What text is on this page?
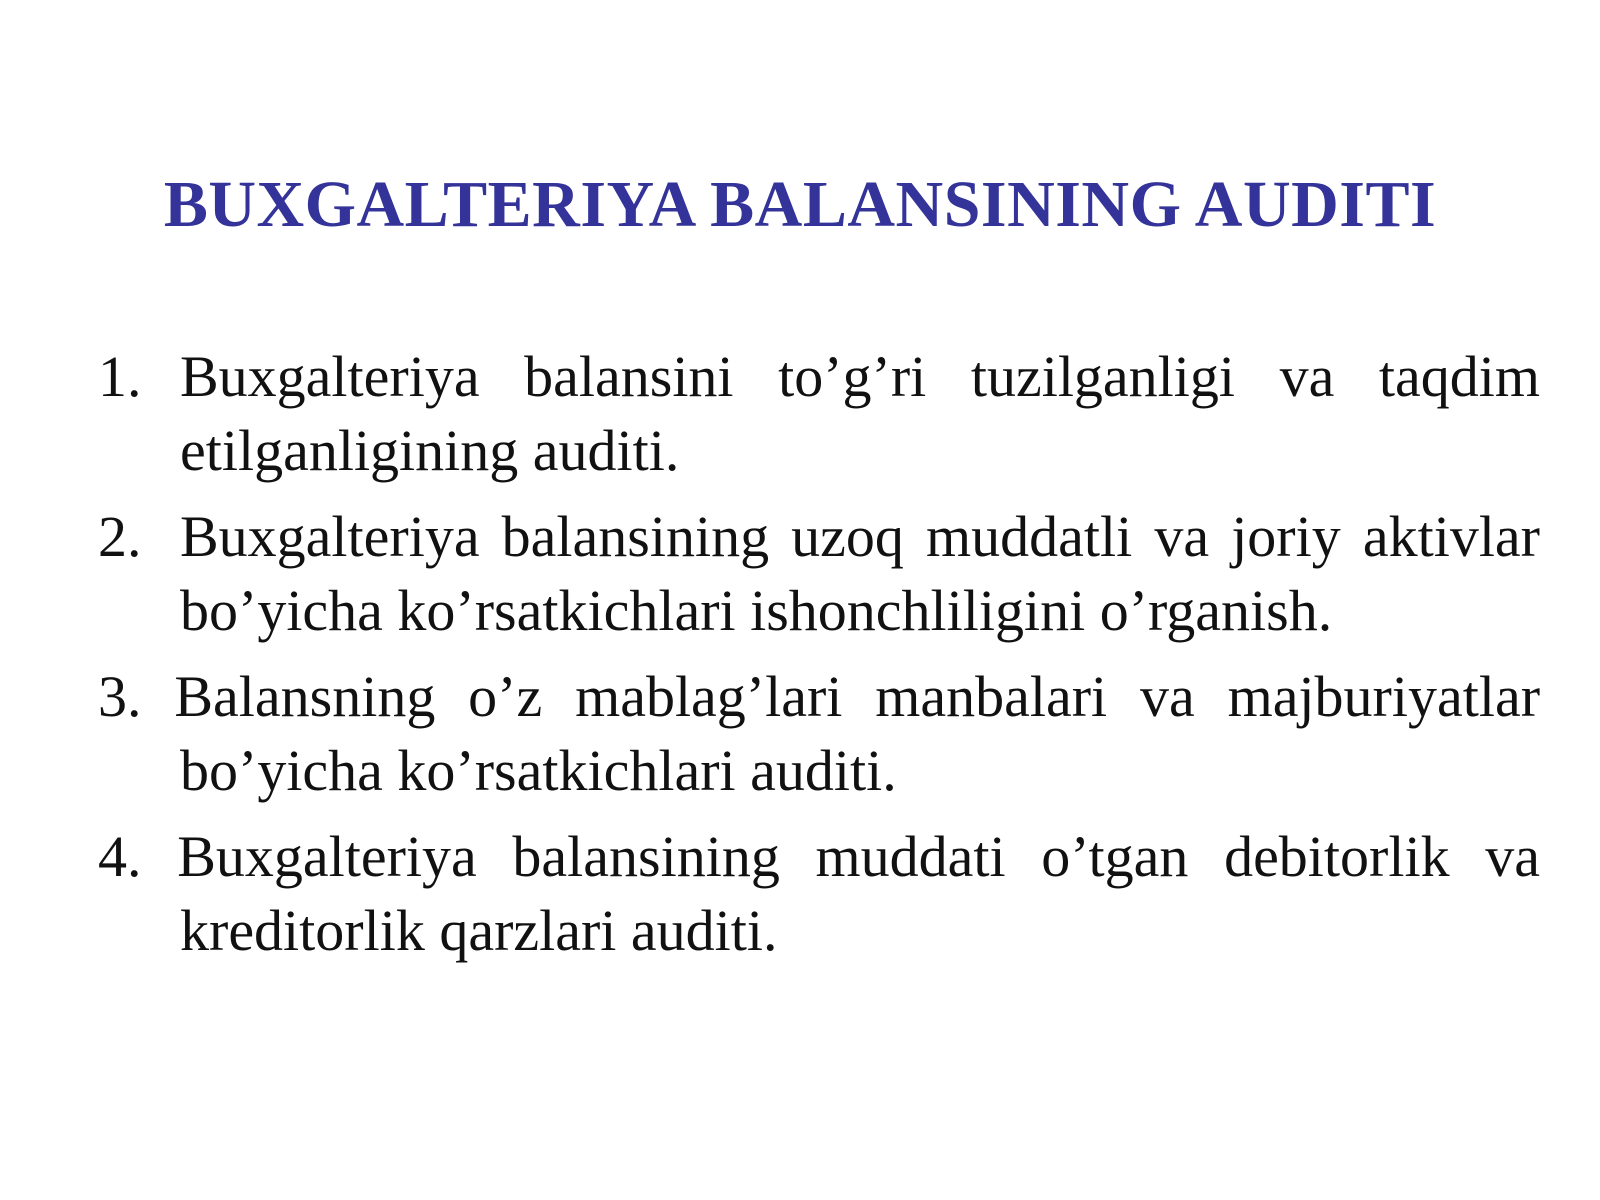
BUXGALTERIYA BALANSINING AUDITI
1. Buxgalteriya balansini to’g’ri tuzilganligi va taqdim etilganligining auditi.
2. Buxgalteriya balansining uzoq muddatli va joriy aktivlar bo’yicha ko’rsatkichlari ishonchliligini o’rganish.
3. Balansning o’z mablag’lari manbalari va majburiyatlar bo’yicha ko’rsatkichlari auditi.
4. Buxgalteriya balansining muddati o’tgan debitorlik va kreditorlik qarzlari auditi.
